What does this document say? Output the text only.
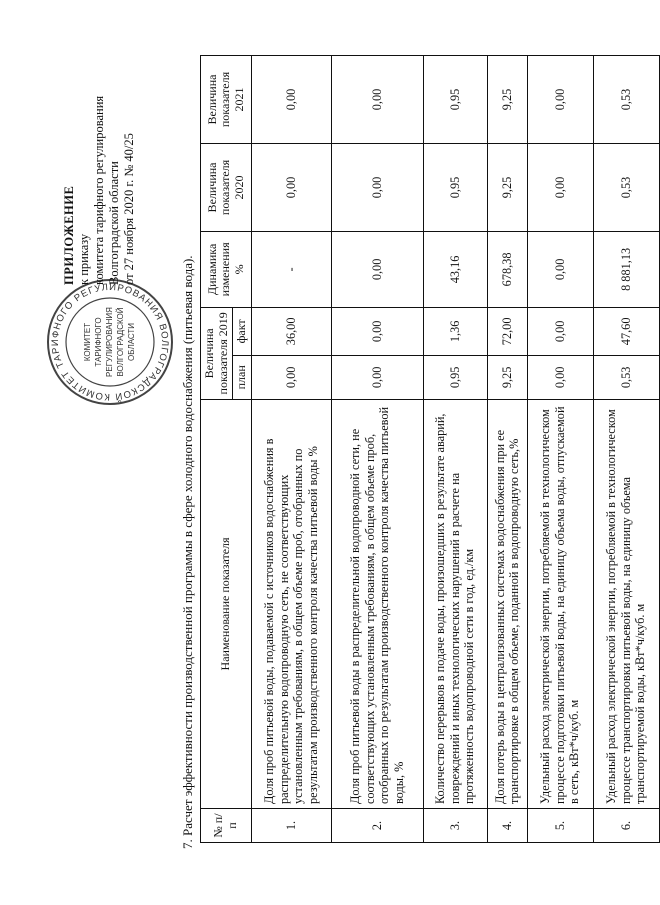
КОМИТЕТ ТАРИФНОГО РЕГУЛИРОВАНИЯ ВОЛГОГРАДСКОЙ
КОМИТЕТ ТАРИФНОГО РЕГУЛИРОВАНИЯ ВОЛГОГРАДСКОЙ ОБЛАСТИ
ПРИЛОЖЕНИЕ к приказу комитета тарифного регулирования Волгоградской области от 27 ноября 2020 г. № 40/25
7. Расчет эффективности производственной программы в сфере холодного водоснабжения (питьевая вода). № п/п	Наименование показателя	Величина показателя 2019		Динамика изменения %	Величина показателя 2020	Величина показателя 2021
		план	факт			
1.	Доля проб питьевой воды, подаваемой с источников водоснабжения в распределительную водопроводную сеть, не соответствующих установленным требованиям, в общем объеме проб, отобранных по результатам производственного контроля качества питьевой воды %	0,00	36,00	-	0,00	0,00
2.	Доля проб питьевой воды в распределительной водопроводной сети, не соответствующих установленным требованиям, в общем объеме проб, отобранных по результатам производственного контроля качества питьевой воды, %	0,00	0,00	0,00	0,00	0,00
3.	Количество перерывов в подаче воды, произошедших в результате аварий, повреждений и иных технологических нарушений в расчете на протяженность водопроводной сети в год, ед./км	0,95	1,36	43,16	0,95	0,95
4.	Доля потерь воды в централизованных системах водоснабжения при ее транспортировке в общем объеме, поданной в водопроводную сеть,%	9,25	72,00	678,38	9,25	9,25
5.	Удельный расход электрической энергии, потребляемой в технологическом процессе подготовки питьевой воды, на единицу объема воды, отпускаемой в сеть, кВт*ч/куб. м	0,00	0,00	0,00	0,00	0,00
6.	Удельный расход электрической энергии, потребляемой в технологическом процессе транспортировки питьевой воды, на единицу объема транспортируемой воды, кВт*ч/куб. м	0,53	47,60	8 881,13	0,53	0,53
